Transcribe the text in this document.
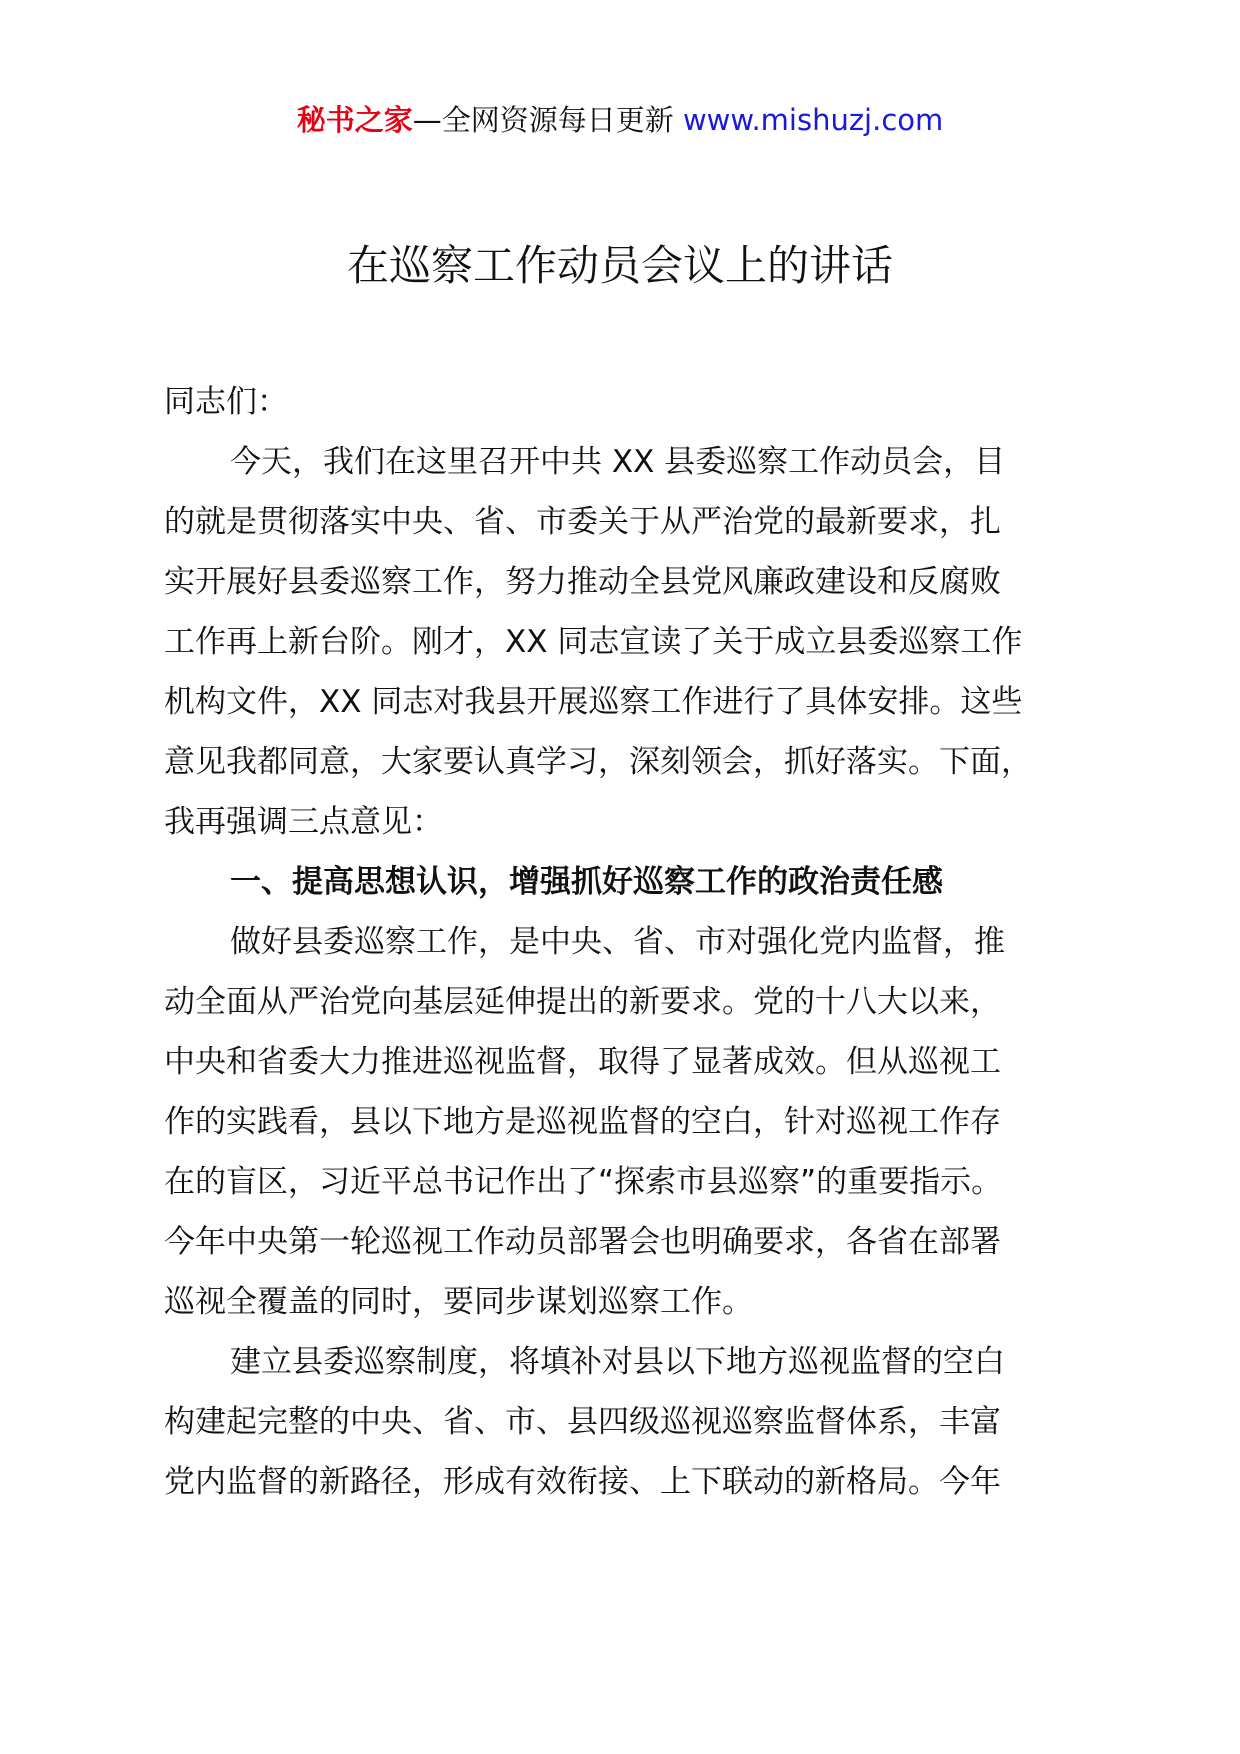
秘书之家—全网资源每日更新 www.mishuzj.com
在巡察工作动员会议上的讲话
同志们：
今天，我们在这里召开中共 XX 县委巡察工作动员会，目
的就是贯彻落实中央、省、市委关于从严治党的最新要求，扎
实开展好县委巡察工作，努力推动全县党风廉政建设和反腐败
工作再上新台阶。刚才，XX 同志宣读了关于成立县委巡察工作
机构文件，XX 同志对我县开展巡察工作进行了具体安排。这些
意见我都同意，大家要认真学习，深刻领会，抓好落实。下面，
我再强调三点意见：
一、提高思想认识，增强抓好巡察工作的政治责任感
做好县委巡察工作，是中央、省、市对强化党内监督，推
动全面从严治党向基层延伸提出的新要求。党的十八大以来，
中央和省委大力推进巡视监督，取得了显著成效。但从巡视工
作的实践看，县以下地方是巡视监督的空白，针对巡视工作存
在的盲区，习近平总书记作出了“探索市县巡察”的重要指示。
今年中央第一轮巡视工作动员部署会也明确要求，各省在部署
巡视全覆盖的同时，要同步谋划巡察工作。
建立县委巡察制度，将填补对县以下地方巡视监督的空白
构建起完整的中央、省、市、县四级巡视巡察监督体系，丰富
党内监督的新路径，形成有效衔接、上下联动的新格局。今年
